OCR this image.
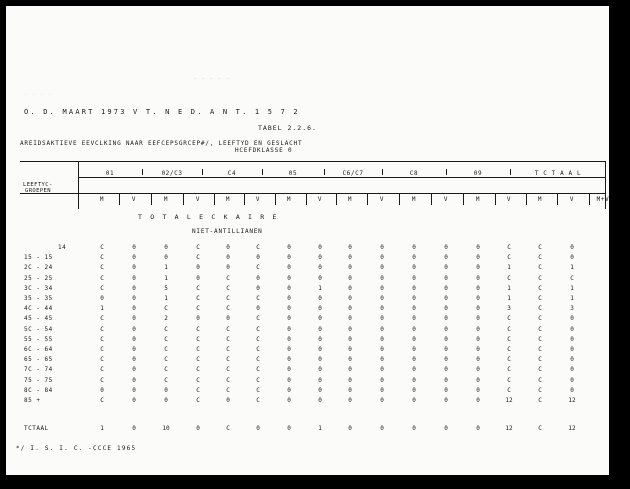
— — — — —
· · · ·
O. D. MAART 1973 V T. N E D. A N T. 1 5 7 2
TABEL 2.2.6.
AREIDSAKTIEVE EEVCLKING NAAR EEFCEPSGRCEP#/, LEEFTYD EN GESLACHT
HCEFDKLASSE 0
01	02/C3	C4	05	C6/C7	C8	09	T C T A A L
M	V	M	V	M	V	M	V	M	V	M	V	M	V	M	V	M+V
LEEFTYC-
GROEPEN
T O T A L E C K A I R E
NIET-ANTILLIANEN
14	C	0	0	C	0	C	0	0	0	0	0	0	0	C	C	0
15 - 15	C	0	0	C	0	0	0	0	0	0	0	0	0	C	C	0
2C - 24	C	0	1	0	0	C	0	0	0	0	0	0	0	1	C	1
25 - 25	C	0	1	0	C	0	0	0	0	0	0	0	0	C	C	C
3C - 34	C	0	5	C	C	0	0	1	0	0	0	0	0	1	C	1
35 - 35	0	0	1	C	C	C	0	0	0	0	0	0	0	1	C	1
4C - 44	1	0	C	C	C	0	0	0	0	0	0	0	0	3	C	3
45 - 45	C	0	2	0	0	C	0	0	0	0	0	0	0	C	C	0
5C - 54	C	0	C	C	C	C	0	0	0	0	0	0	0	C	C	0
55 - 55	C	0	C	C	C	C	0	0	0	0	0	0	0	C	C	0
6C - 64	C	0	C	C	C	C	0	0	0	0	0	0	0	C	C	0
65 - 65	C	0	C	C	C	C	0	0	0	0	0	0	0	C	C	0
7C - 74	C	0	C	C	C	C	0	0	0	0	0	0	0	C	C	0
75 - 75	C	0	C	C	C	C	0	0	0	0	0	0	0	C	C	0
8C - 84	0	0	0	C	C	C	0	0	0	0	0	0	0	C	C	0
85 +	C	0	0	C	0	C	0	0	0	0	0	0	0	12	C	12
TCTAAL	1	0	10	0	C	0	0	1	0	0	0	0	0	12	C	12
*/ I. S. I. C. -CCCE 1965
